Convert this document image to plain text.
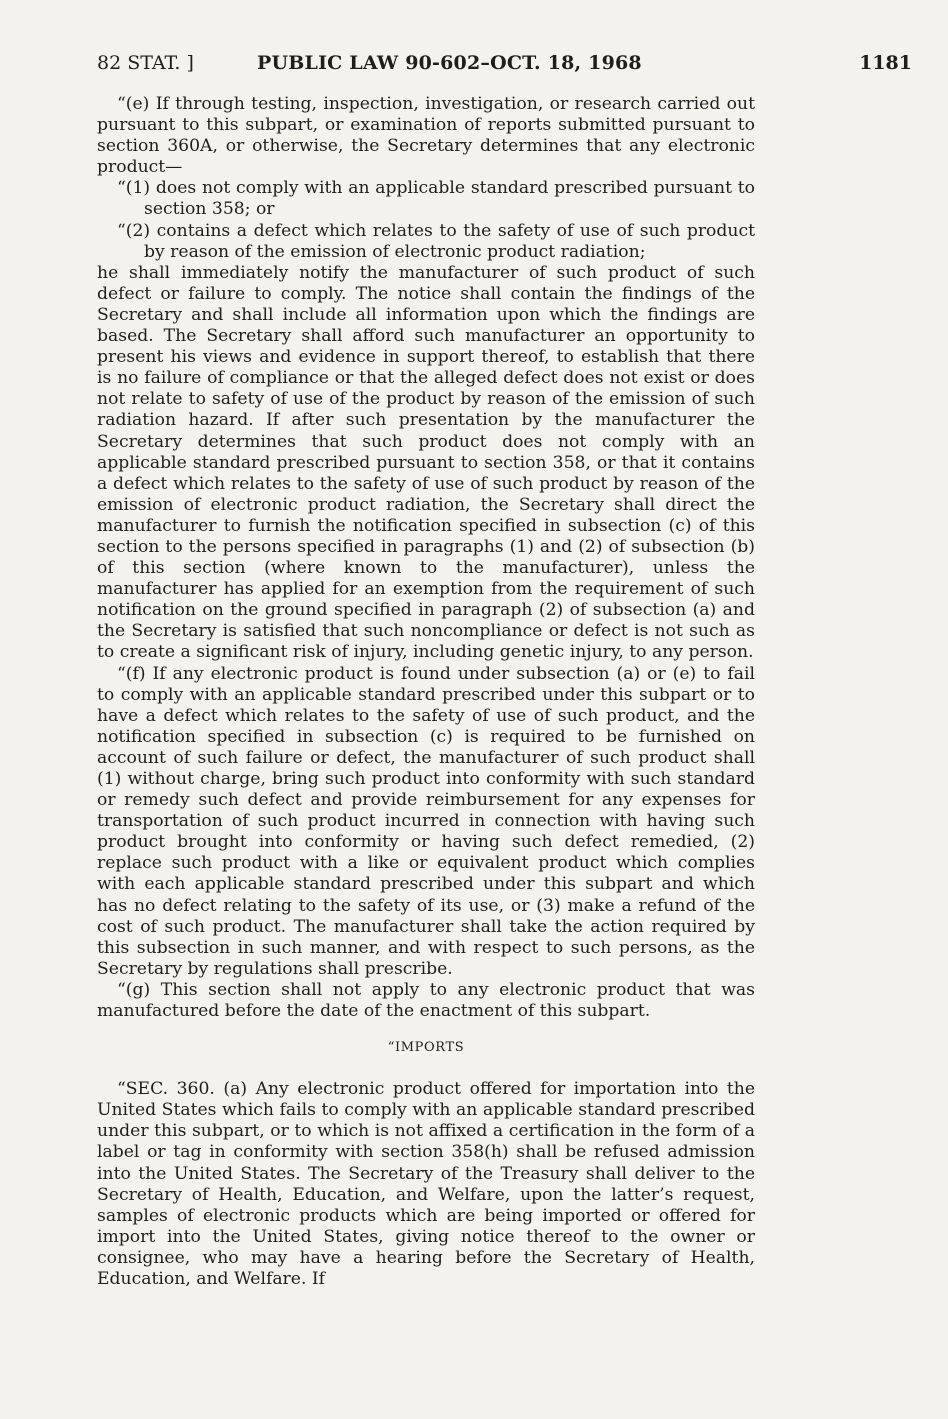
82 STAT. ]	PUBLIC LAW 90-602–OCT. 18, 1968	1181

“(e) If through testing, inspection, investigation, or research carried out pursuant to this subpart, or examination of reports submitted pursuant to section 360A, or otherwise, the Secretary determines that any electronic product—

“(1) does not comply with an applicable standard prescribed pursuant to section 358; or

“(2) contains a defect which relates to the safety of use of such product by reason of the emission of electronic product radiation;

he shall immediately notify the manufacturer of such product of such defect or failure to comply. The notice shall contain the findings of the Secretary and shall include all information upon which the findings are based. The Secretary shall afford such manufacturer an opportunity to present his views and evidence in support thereof, to establish that there is no failure of compliance or that the alleged defect does not exist or does not relate to safety of use of the product by reason of the emission of such radiation hazard. If after such presentation by the manufacturer the Secretary determines that such product does not comply with an applicable standard prescribed pursuant to section 358, or that it contains a defect which relates to the safety of use of such product by reason of the emission of electronic product radiation, the Secretary shall direct the manufacturer to furnish the notification specified in subsection (c) of this section to the persons specified in paragraphs (1) and (2) of subsection (b) of this section (where known to the manufacturer), unless the manufacturer has applied for an exemption from the requirement of such notification on the ground specified in paragraph (2) of subsection (a) and the Secretary is satisfied that such noncompliance or defect is not such as to create a significant risk of injury, including genetic injury, to any person.

“(f) If any electronic product is found under subsection (a) or (e) to fail to comply with an applicable standard prescribed under this subpart or to have a defect which relates to the safety of use of such product, and the notification specified in subsection (c) is required to be furnished on account of such failure or defect, the manufacturer of such product shall (1) without charge, bring such product into conformity with such standard or remedy such defect and provide reimbursement for any expenses for transportation of such product incurred in connection with having such product brought into conformity or having such defect remedied, (2) replace such product with a like or equivalent product which complies with each applicable standard prescribed under this subpart and which has no defect relating to the safety of its use, or (3) make a refund of the cost of such product. The manufacturer shall take the action required by this subsection in such manner, and with respect to such persons, as the Secretary by regulations shall prescribe.

“(g) This section shall not apply to any electronic product that was manufactured before the date of the enactment of this subpart.

“IMPORTS

“SEC. 360. (a) Any electronic product offered for importation into the United States which fails to comply with an applicable standard prescribed under this subpart, or to which is not affixed a certification in the form of a label or tag in conformity with section 358(h) shall be refused admission into the United States. The Secretary of the Treasury shall deliver to the Secretary of Health, Education, and Welfare, upon the latter’s request, samples of electronic products which are being imported or offered for import into the United States, giving notice thereof to the owner or consignee, who may have a hearing before the Secretary of Health, Education, and Welfare. If
